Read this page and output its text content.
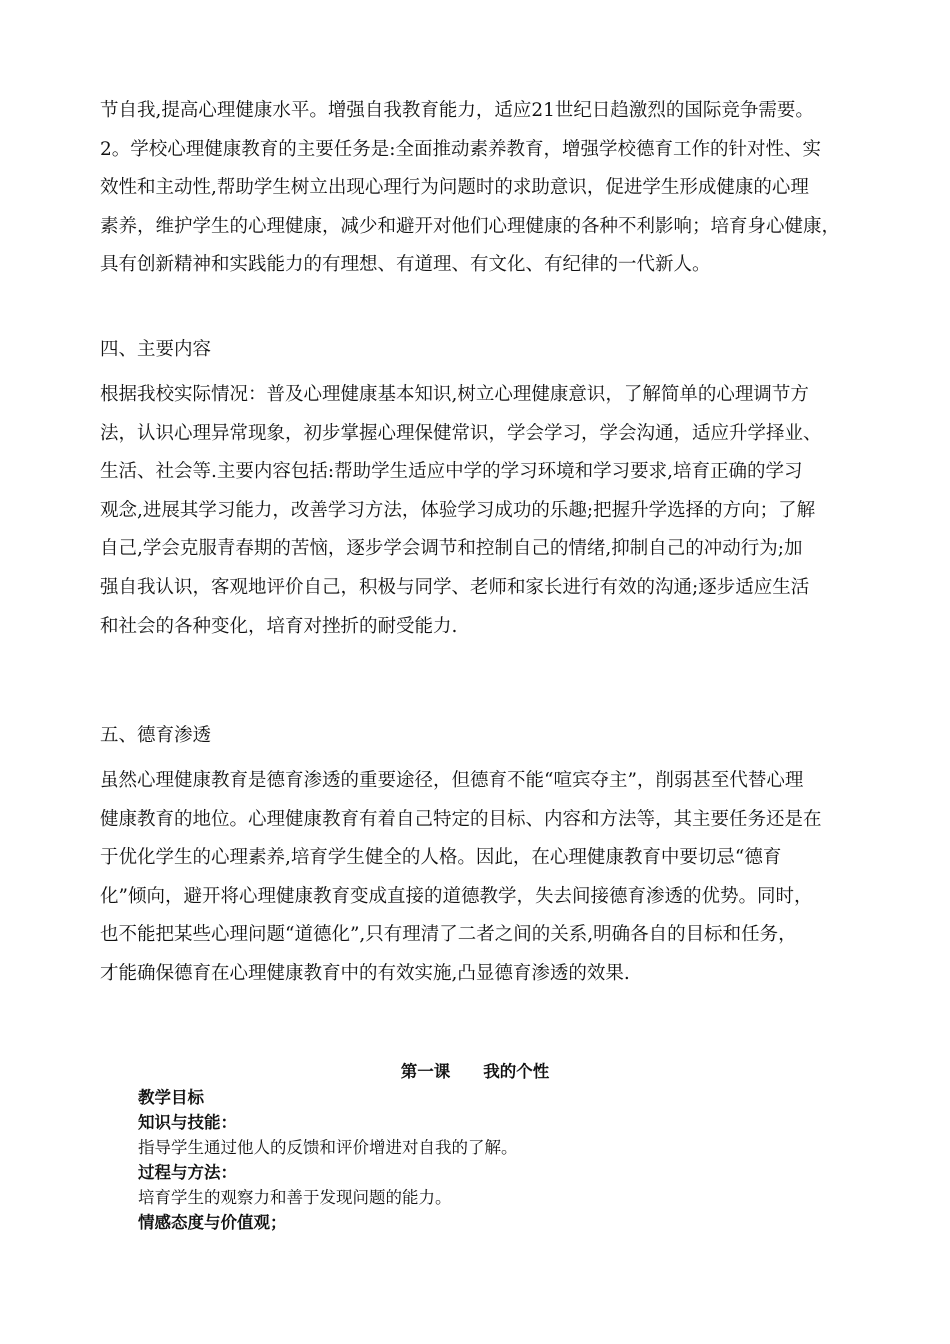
节自我,提高心理健康水平。增强自我教育能力，适应21世纪日趋激烈的国际竞争需要。
2。学校心理健康教育的主要任务是:全面推动素养教育，增强学校德育工作的针对性、实
效性和主动性,帮助学生树立出现心理行为问题时的求助意识，促进学生形成健康的心理
素养，维护学生的心理健康，减少和避开对他们心理健康的各种不利影响；培育身心健康，
具有创新精神和实践能力的有理想、有道理、有文化、有纪律的一代新人。
四、主要内容
根据我校实际情况：普及心理健康基本知识,树立心理健康意识，了解简单的心理调节方
法，认识心理异常现象，初步掌握心理保健常识，学会学习，学会沟通，适应升学择业、
生活、社会等.主要内容包括:帮助学生适应中学的学习环境和学习要求,培育正确的学习
观念,进展其学习能力，改善学习方法，体验学习成功的乐趣;把握升学选择的方向；了解
自己,学会克服青春期的苦恼，逐步学会调节和控制自己的情绪,抑制自己的冲动行为;加
强自我认识，客观地评价自己，积极与同学、老师和家长进行有效的沟通;逐步适应生活
和社会的各种变化，培育对挫折的耐受能力.
五、德育渗透
虽然心理健康教育是德育渗透的重要途径，但德育不能“喧宾夺主”，削弱甚至代替心理
健康教育的地位。心理健康教育有着自己特定的目标、内容和方法等，其主要任务还是在
于优化学生的心理素养,培育学生健全的人格。因此，在心理健康教育中要切忌“德育
化”倾向，避开将心理健康教育变成直接的道德教学，失去间接德育渗透的优势。同时，
也不能把某些心理问题“道德化”,只有理清了二者之间的关系,明确各自的目标和任务，
才能确保德育在心理健康教育中的有效实施,凸显德育渗透的效果.
第一课　　我的个性
教学目标
知识与技能：
指导学生通过他人的反馈和评价增进对自我的了解。
过程与方法：
培育学生的观察力和善于发现问题的能力。
情感态度与价值观；
